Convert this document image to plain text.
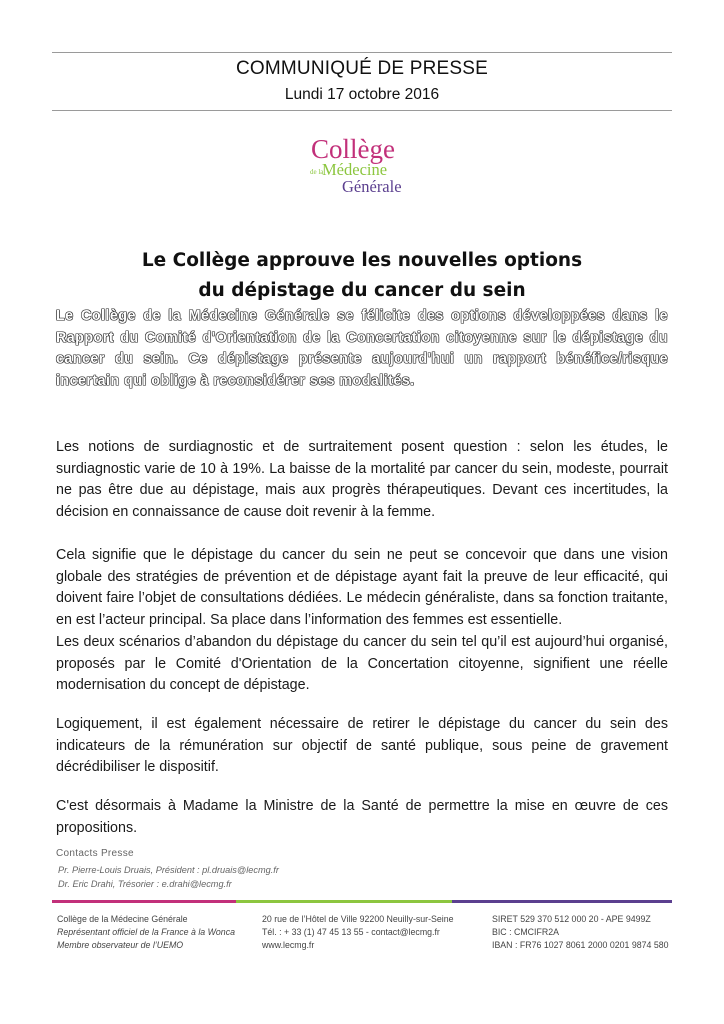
COMMUNIQUÉ DE PRESSE
Lundi 17 octobre 2016
Collège
de la
Médecine
Générale
Le Collège approuve les nouvelles options
du dépistage du cancer du sein

Le Collège de la Médecine Générale se félicite des options développées dans le Rapport du Comité d'Orientation de la Concertation citoyenne sur le dépistage du cancer du sein. Ce dépistage présente aujourd'hui un rapport bénéfice/risque incertain qui oblige à reconsidérer ses modalités.

Les notions de surdiagnostic et de surtraitement posent question : selon les études, le surdiagnostic varie de 10 à 19%. La baisse de la mortalité par cancer du sein, modeste, pourrait ne pas être due au dépistage, mais aux progrès thérapeutiques. Devant ces incertitudes, la décision en connaissance de cause doit revenir à la femme.

Cela signifie que le dépistage du cancer du sein ne peut se concevoir que dans une vision globale des stratégies de prévention et de dépistage ayant fait la preuve de leur efficacité, qui doivent faire l’objet de consultations dédiées. Le médecin généraliste, dans sa fonction traitante, en est l’acteur principal. Sa place dans l’information des femmes est essentielle.

Les deux scénarios d’abandon du dépistage du cancer du sein tel qu’il est aujourd’hui organisé, proposés par le Comité d'Orientation de la Concertation citoyenne, signifient une réelle modernisation du concept de dépistage.

Logiquement, il est également nécessaire de retirer le dépistage du cancer du sein des indicateurs de la rémunération sur objectif de santé publique, sous peine de gravement décrédibiliser le dispositif.

C'est désormais à Madame la Ministre de la Santé de permettre la mise en œuvre de ces propositions.

Contacts Presse
Pr. Pierre-Louis Druais, Président : pl.druais@lecmg.fr
Dr. Eric Drahi, Trésorier : e.drahi@lecmg.fr
Collège de la Médecine Générale
Représentant officiel de la France à la Wonca
Membre observateur de l’UEMO
20 rue de l’Hôtel de Ville 92200 Neuilly-sur-Seine
Tél. : + 33 (1) 47 45 13 55 - contact@lecmg.fr
www.lecmg.fr
SIRET 529 370 512 000 20 - APE 9499Z
BIC : CMCIFR2A
IBAN : FR76 1027 8061 2000 0201 9874 580
